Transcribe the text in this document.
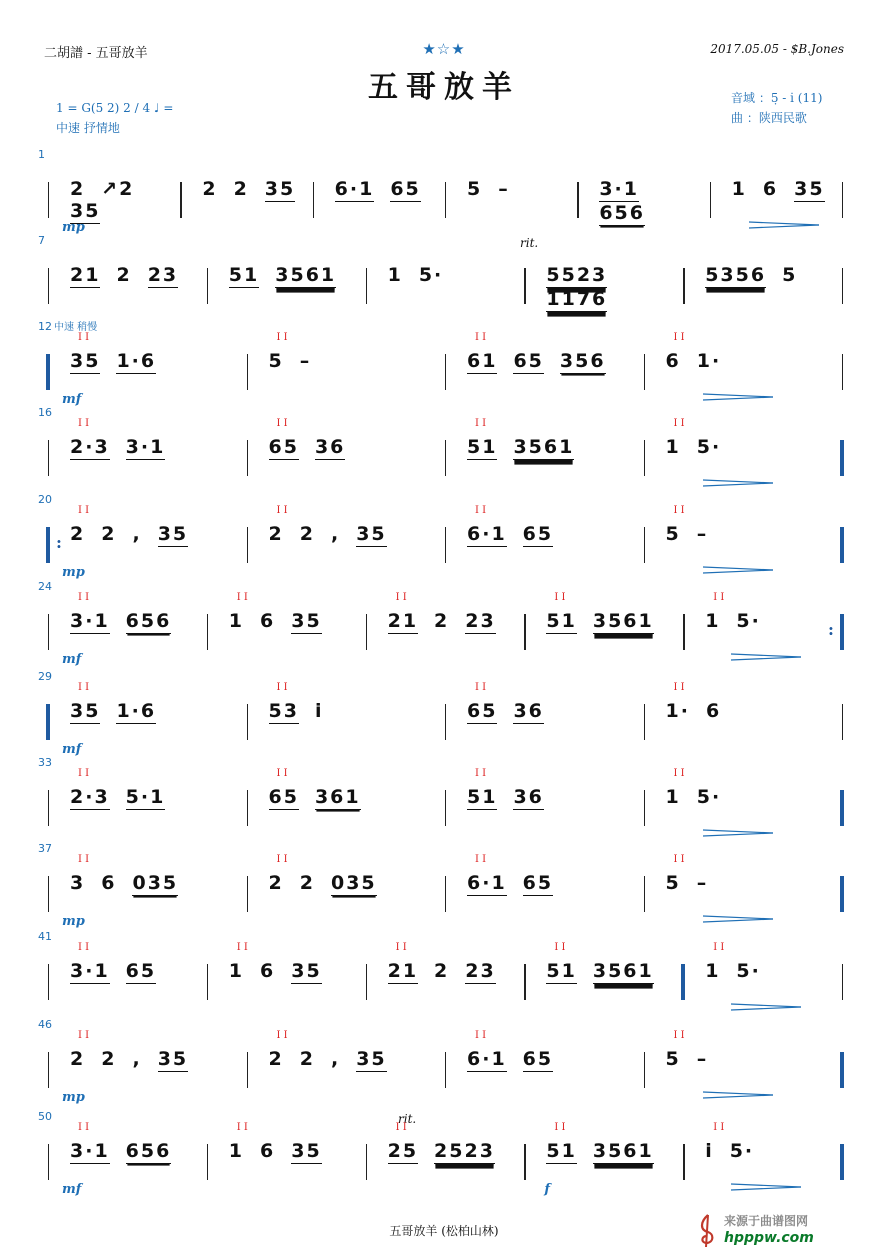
二胡譜 - 五哥放羊	★☆★	2017.05.05 - $B.Jones
五哥放羊
1 = G(5 2) 2 / 4 ♩ =
中速 抒情地
音域 ：5̣ - i̇ (11)
曲 ：陕西民歌
1
2 ↗235
2 2 35	6·1 65	5 –	3·1656
1 6 35
mp
7	rit.
21 2 23	51 3561	1 5·	55231176
5356 5
12 中速 稍慢
35 1·6
I I
5 –
I I
61 65 356
I I
6 1·
I I
mf
16
2·3 3·1
I I
65 36
I I
51 3561
I I
1 5·
I I
20
: 2 2 , 35
I I
2 2 , 35
I I
6·1 65
I I
5 –
I I
mp
24
:
3·1 656
I I
1 6 35
I I
21 2 23
I I
51 3561
I I
1 5·
I I
mf
29
35 1·6
I I
53 i
I I
65 36
I I
1· 6
I I
mf
33
2·3 5·1
I I
65 361
I I
51 36
I I
1 5·
I I
37
3 6 035
I I
2 2 035
I I
6·1 65
I I
5 –
I I
mp
41
3·1 65
I I
1 6 35
I I
21 2 23
I I
51 3561
I I
1 5·
I I
46
2 2 , 35
I I
2 2 , 35
I I
6·1 65
I I
5 –
I I
mp
50	rit.
3·1 656
I I
1 6 35
I I
25 2523
I I
51 3561
I I
i 5·
I I
mf	f
五哥放羊 (松柏山林)
来源于曲谱图网
hpppw.com
